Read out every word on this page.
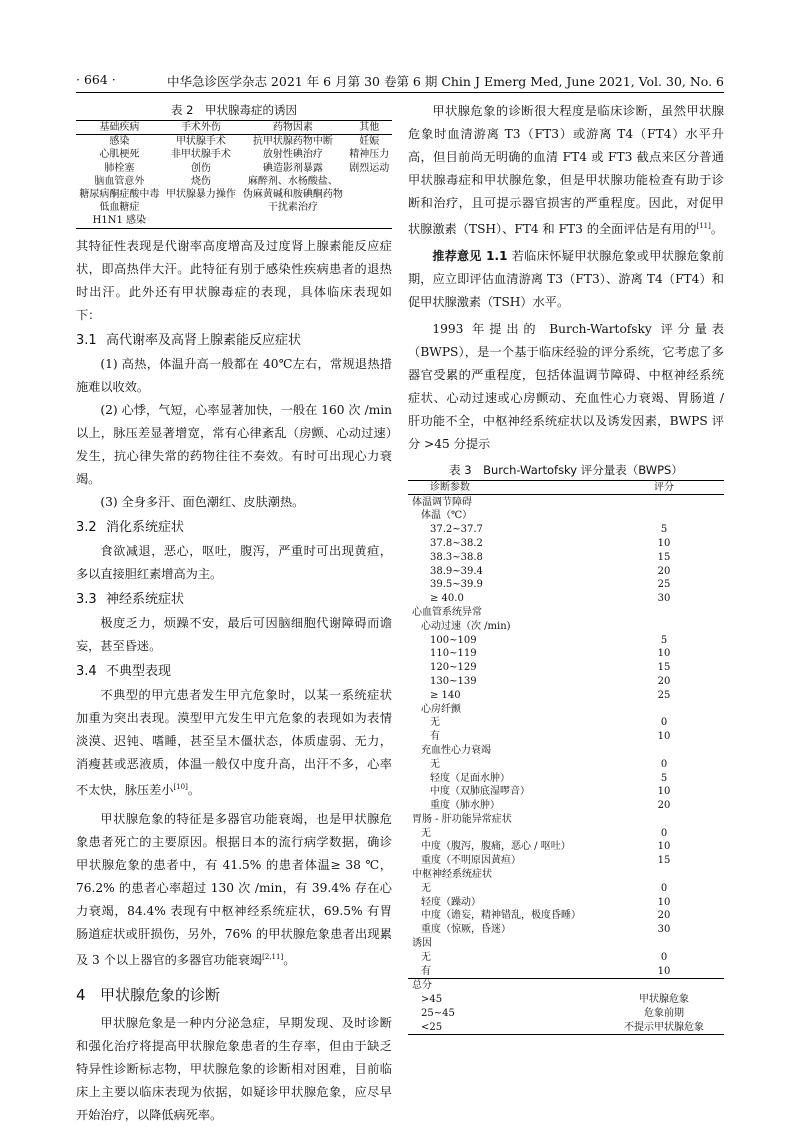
· 664 ·	中华急诊医学杂志 2021 年 6 月第 30 卷第 6 期 Chin J Emerg Med, June 2021, Vol. 30, No. 6
表 2　甲状腺毒症的诱因
基础疾病	手术外伤	药物因素	其他
感染	甲状腺手术	抗甲状腺药物中断	妊娠
心肌梗死	非甲状腺手术	放射性碘治疗	精神压力
肺栓塞	创伤	碘造影剂暴露	剧烈运动
脑血管意外	烧伤	麻醉剂、水杨酸盐、	
糖尿病酮症酸中毒	甲状腺暴力操作	伪麻黄碱和胺碘酮药物	
低血糖症		干扰素治疗	
H1N1 感染			

其特征性表现是代谢率高度增高及过度肾上腺素能反应症状，即高热伴大汗。此特征有别于感染性疾病患者的退热时出汗。此外还有甲状腺毒症的表现，具体临床表现如下：

3.1 高代谢率及高肾上腺素能反应症状

(1) 高热，体温升高一般都在 40℃左右，常规退热措施难以收效。

(2) 心悸，气短，心率显著加快，一般在 160 次 /min 以上，脉压差显著增宽，常有心律紊乱（房颤、心动过速）发生，抗心律失常的药物往往不奏效。有时可出现心力衰竭。

(3) 全身多汗、面色潮红、皮肤潮热。

3.2 消化系统症状

食欲减退，恶心，呕吐，腹泻，严重时可出现黄疸，多以直接胆红素增高为主。

3.3 神经系统症状

极度乏力，烦躁不安，最后可因脑细胞代谢障碍而谵妄，甚至昏迷。

3.4 不典型表现

不典型的甲亢患者发生甲亢危象时，以某一系统症状加重为突出表现。漠型甲亢发生甲亢危象的表现如为表情淡漠、迟钝、嗜睡，甚至呈木僵状态，体质虚弱、无力，消瘦甚或恶液质，体温一般仅中度升高，出汗不多，心率不太快，脉压差小[10]。

甲状腺危象的特征是多器官功能衰竭，也是甲状腺危象患者死亡的主要原因。根据日本的流行病学数据，确诊甲状腺危象的患者中，有 41.5% 的患者体温≥ 38 ℃，76.2% 的患者心率超过 130 次 /min，有 39.4% 存在心力衰竭，84.4% 表现有中枢神经系统症状，69.5% 有胃肠道症状或肝损伤，另外，76% 的甲状腺危象患者出现累及 3 个以上器官的多器官功能衰竭[2,11]。

4 甲状腺危象的诊断

甲状腺危象是一种内分泌急症，早期发现、及时诊断和强化治疗将提高甲状腺危象患者的生存率，但由于缺乏特异性诊断标志物，甲状腺危象的诊断相对困难，目前临床上主要以临床表现为依据，如疑诊甲状腺危象，应尽早开始治疗，以降低病死率。

甲状腺危象的诊断很大程度是临床诊断，虽然甲状腺危象时血清游离 T3（FT3）或游离 T4（FT4）水平升高，但目前尚无明确的血清 FT4 或 FT3 截点来区分普通甲状腺毒症和甲状腺危象，但是甲状腺功能检查有助于诊断和治疗，且可提示器官损害的严重程度。因此，对促甲状腺激素（TSH）、FT4 和 FT3 的全面评估是有用的[11]。

推荐意见 1.1 若临床怀疑甲状腺危象或甲状腺危象前期，应立即评估血清游离 T3（FT3）、游离 T4（FT4）和促甲状腺激素（TSH）水平。

1993 年提出的 Burch-Wartofsky 评分量表（BWPS），是一个基于临床经验的评分系统，它考虑了多器官受累的严重程度，包括体温调节障碍、中枢神经系统症状、心动过速或心房颤动、充血性心力衰竭、胃肠道 / 肝功能不全，中枢神经系统症状以及诱发因素，BWPS 评分 >45 分提示

表 3　Burch-Wartofsky 评分量表（BWPS）
诊断参数	评分
体温调节障碍	
体温（℃）	
37.2~37.7	5
37.8~38.2	10
38.3~38.8	15
38.9~39.4	20
39.5~39.9	25
≥ 40.0	30
心血管系统异常	
心动过速（次 /min)	
100~109	5
110~119	10
120~129	15
130~139	20
≥ 140	25
心房纤颤	
无	0
有	10
充血性心力衰竭	
无	0
轻度（足面水肿）	5
中度（双肺底湿啰音）	10
重度（肺水肿）	20
胃肠 - 肝功能异常症状	
无	0
中度（腹泻，腹痛，恶心 / 呕吐）	10
重度（不明原因黄疸）	15
中枢神经系统症状	
无	0
轻度（躁动）	10
中度（谵妄，精神错乱，极度昏睡）	20
重度（惊厥，昏迷）	30
诱因	
无	0
有	10
总分	
>45	甲状腺危象
25~45	危象前期
<25	不提示甲状腺危象
